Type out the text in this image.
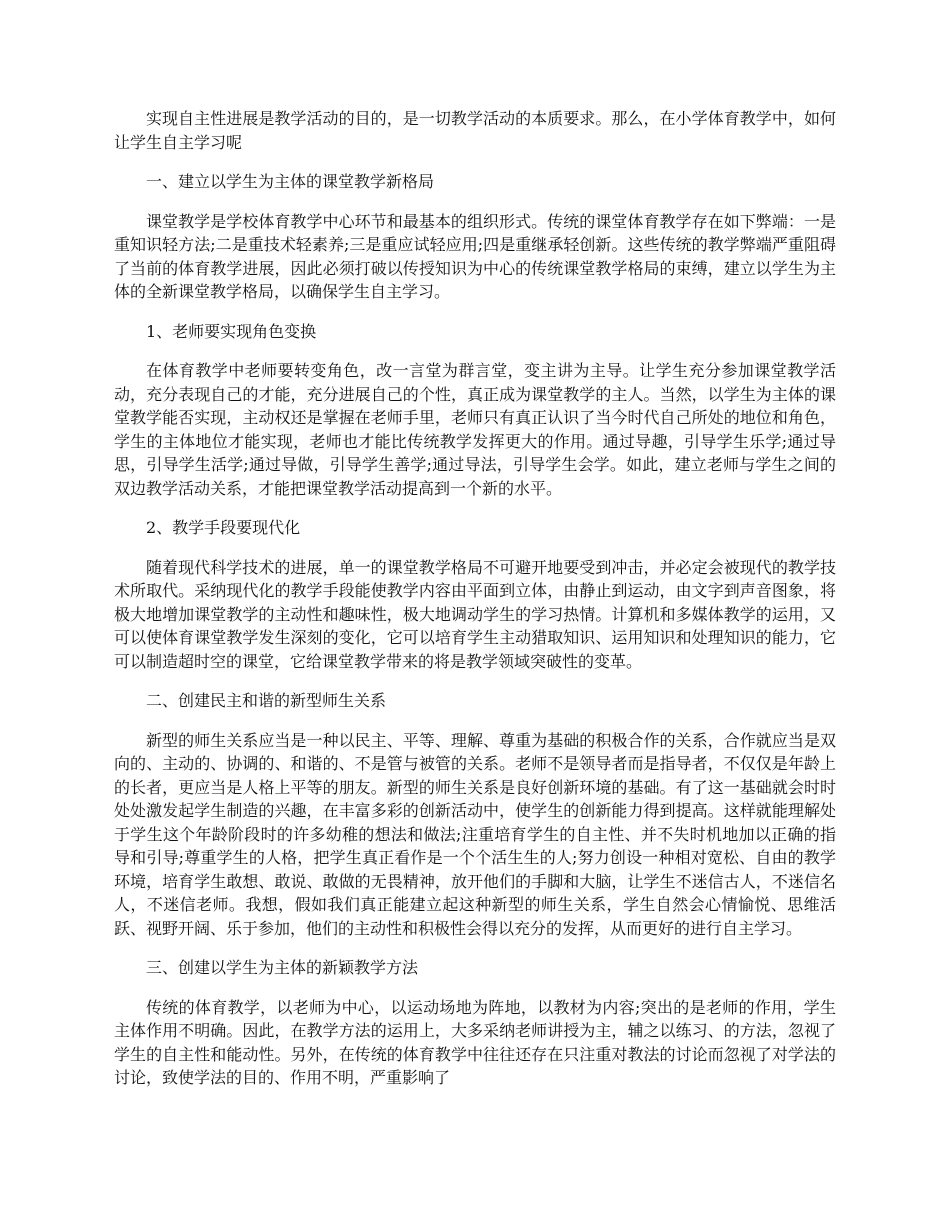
实现自主性进展是教学活动的目的，是一切教学活动的本质要求。那么，在小学体育教学中，如何让学生自主学习呢

一、建立以学生为主体的课堂教学新格局

课堂教学是学校体育教学中心环节和最基本的组织形式。传统的课堂体育教学存在如下弊端：一是重知识轻方法;二是重技术轻素养;三是重应试轻应用;四是重继承轻创新。这些传统的教学弊端严重阻碍了当前的体育教学进展，因此必须打破以传授知识为中心的传统课堂教学格局的束缚，建立以学生为主体的全新课堂教学格局，以确保学生自主学习。

1、老师要实现角色变换

在体育教学中老师要转变角色，改一言堂为群言堂，变主讲为主导。让学生充分参加课堂教学活动，充分表现自己的才能，充分进展自己的个性，真正成为课堂教学的主人。当然，以学生为主体的课堂教学能否实现，主动权还是掌握在老师手里，老师只有真正认识了当今时代自己所处的地位和角色，学生的主体地位才能实现，老师也才能比传统教学发挥更大的作用。通过导趣，引导学生乐学;通过导思，引导学生活学;通过导做，引导学生善学;通过导法，引导学生会学。如此，建立老师与学生之间的双边教学活动关系，才能把课堂教学活动提高到一个新的水平。

2、教学手段要现代化

随着现代科学技术的进展，单一的课堂教学格局不可避开地要受到冲击，并必定会被现代的教学技术所取代。采纳现代化的教学手段能使教学内容由平面到立体，由静止到运动，由文字到声音图象，将极大地增加课堂教学的主动性和趣味性，极大地调动学生的学习热情。计算机和多媒体教学的运用，又可以使体育课堂教学发生深刻的变化，它可以培育学生主动猎取知识、运用知识和处理知识的能力，它可以制造超时空的课堂，它给课堂教学带来的将是教学领域突破性的变革。

二、创建民主和谐的新型师生关系

新型的师生关系应当是一种以民主、平等、理解、尊重为基础的积极合作的关系，合作就应当是双向的、主动的、协调的、和谐的、不是管与被管的关系。老师不是领导者而是指导者，不仅仅是年龄上的长者，更应当是人格上平等的朋友。新型的师生关系是良好创新环境的基础。有了这一基础就会时时处处激发起学生制造的兴趣，在丰富多彩的创新活动中，使学生的创新能力得到提高。这样就能理解处于学生这个年龄阶段时的许多幼稚的想法和做法;注重培育学生的自主性、并不失时机地加以正确的指导和引导;尊重学生的人格，把学生真正看作是一个个活生生的人;努力创设一种相对宽松、自由的教学环境，培育学生敢想、敢说、敢做的无畏精神，放开他们的手脚和大脑，让学生不迷信古人，不迷信名人，不迷信老师。我想，假如我们真正能建立起这种新型的师生关系，学生自然会心情愉悦、思维活跃、视野开阔、乐于参加，他们的主动性和积极性会得以充分的发挥，从而更好的进行自主学习。

三、创建以学生为主体的新颖教学方法

传统的体育教学，以老师为中心，以运动场地为阵地，以教材为内容;突出的是老师的作用，学生主体作用不明确。因此，在教学方法的运用上，大多采纳老师讲授为主，辅之以练习、的方法，忽视了学生的自主性和能动性。另外，在传统的体育教学中往往还存在只注重对教法的讨论而忽视了对学法的讨论，致使学法的目的、作用不明，严重影响了
